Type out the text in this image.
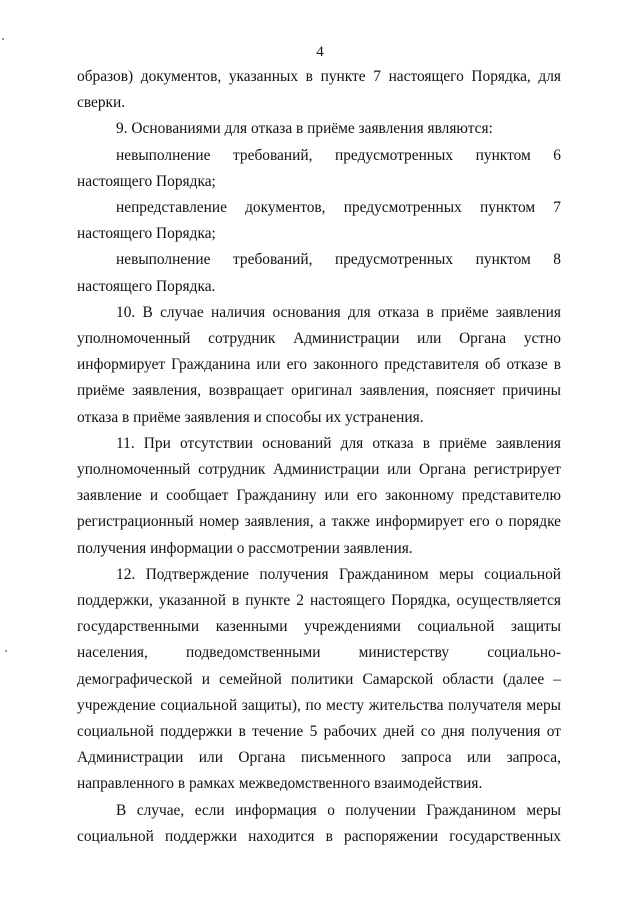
4

образов) документов, указанных в пункте 7 настоящего Порядка, для сверки.

9. Основаниями для отказа в приёме заявления являются:

невыполнение требований, предусмотренных пунктом 6 настоящего Порядка;

непредставление документов, предусмотренных пунктом 7 настоящего Порядка;

невыполнение требований, предусмотренных пунктом 8 настоящего Порядка.

10. В случае наличия основания для отказа в приёме заявления уполномоченный сотрудник Администрации или Органа устно информирует Гражданина или его законного представителя об отказе в приёме заявления, возвращает оригинал заявления, поясняет причины отказа в приёме заявления и способы их устранения.

11. При отсутствии оснований для отказа в приёме заявления уполномоченный сотрудник Администрации или Органа регистрирует заявление и сообщает Гражданину или его законному представителю регистрационный номер заявления, а также информирует его о порядке получения информации о рассмотрении заявления.

12. Подтверждение получения Гражданином меры социальной поддержки, указанной в пункте 2 настоящего Порядка, осуществляется государственными казенными учреждениями социальной защиты населения, подведомственными министерству социально-демографической и семейной политики Самарской области (далее – учреждение социальной защиты), по месту жительства получателя меры социальной поддержки в течение 5 рабочих дней со дня получения от Администрации или Органа письменного запроса или запроса, направленного в рамках межведомственного взаимодействия.

В случае, если информация о получении Гражданином меры социальной поддержки находится в распоряжении государственных
